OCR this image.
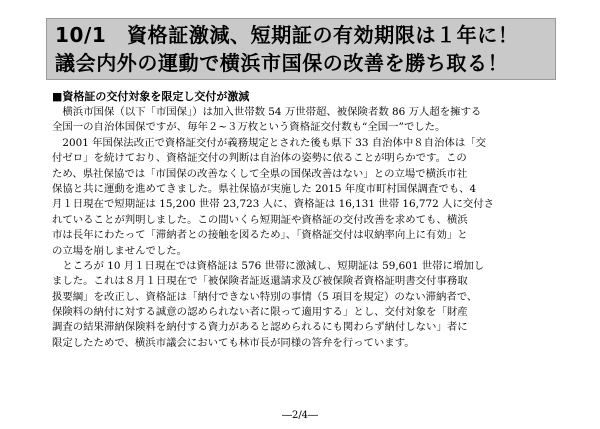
10/1　資格証激減、短期証の有効期限は１年に！
議会内外の運動で横浜市国保の改善を勝ち取る！
■資格証の交付対象を限定し交付が激減
　横浜市国保（以下「市国保」）は加入世帯数 54 万世帯超、被保険者数 86 万人超を擁する
全国一の自治体国保ですが、毎年２~３万枚という資格証交付数も“全国一”でした。
　2001 年国保法改正で資格証交付が義務規定とされた後も県下 33 自治体中８自治体は「交
付ゼロ」を続けており、資格証交付の判断は自治体の姿勢に依ることが明らかです。この
ため、県社保協では「市国保の改善なくして全県の国保改善はない」との立場で横浜市社
保協と共に運動を進めてきました。県社保協が実施した 2015 年度市町村国保調査でも、4
月１日現在で短期証は 15,200 世帯 23,723 人に、資格証は 16,131 世帯 16,772 人に交付さ
れていることが判明しました。この間いくら短期証や資格証の交付改善を求めても、横浜
市は長年にわたって「滞納者との接触を図るため」、「資格証交付は収納率向上に有効」と
の立場を崩しませんでした。
　ところが 10 月１日現在では資格証は 576 世帯に激減し、短期証は 59,601 世帯に増加し
ました。これは８月１日現在で「被保険者証返還請求及び被保険者資格証明書交付事務取
扱要綱」を改正し、資格証は「納付できない特別の事情（5 項目を規定）のない滞納者で、
保険料の納付に対する誠意の認められない者に限って適用する」とし、交付対象を「財産
調査の結果滞納保険料を納付する資力があると認められるにも関わらず納付しない」者に
限定したためで、横浜市議会においても林市長が同様の答弁を行っています。
―2/4―
